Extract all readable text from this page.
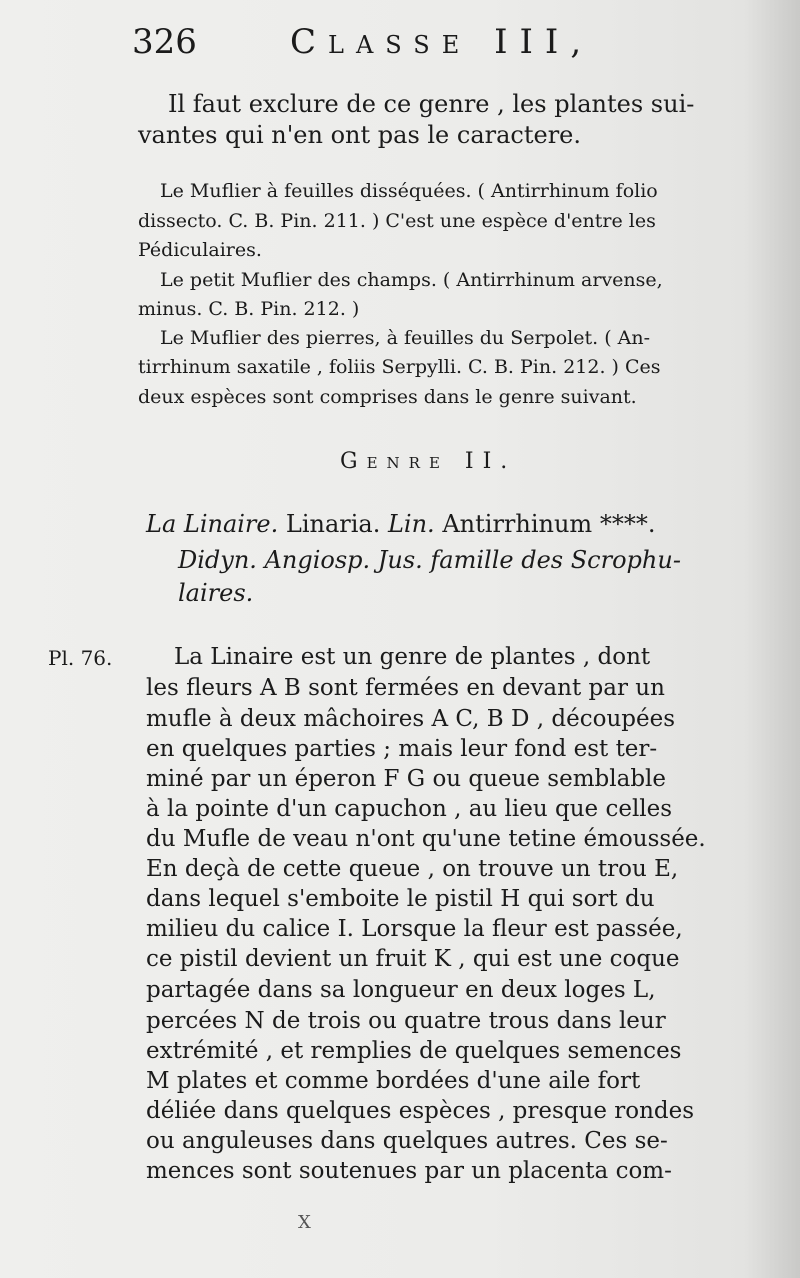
326	Classe III,
Il faut exclure de ce genre , les plantes sui-
vantes qui n'en ont pas le caractere.
Le Muflier à feuilles disséquées. ( Antirrhinum folio
dissecto. C. B. Pin. 211. ) C'est une espèce d'entre les
Pédiculaires.
Le petit Muflier des champs. ( Antirrhinum arvense,
minus. C. B. Pin. 212. )
Le Muflier des pierres, à feuilles du Serpolet. ( An-
tirrhinum saxatile , foliis Serpylli. C. B. Pin. 212. ) Ces
deux espèces sont comprises dans le genre suivant.
Genre II.
La Linaire. Linaria. Lin. Antirrhinum ****.
Didyn. Angiosp. Jus. famille des Scrophu-
laires.
Pl. 76.	La Linaire est un genre de plantes , dont
les fleurs A B sont fermées en devant par un
mufle à deux mâchoires A C, B D , découpées
en quelques parties ; mais leur fond est ter-
miné par un éperon F G ou queue semblable
à la pointe d'un capuchon , au lieu que celles
du Mufle de veau n'ont qu'une tetine émoussée.
En deçà de cette queue , on trouve un trou E,
dans lequel s'emboite le pistil H qui sort du
milieu du calice I. Lorsque la fleur est passée,
ce pistil devient un fruit K , qui est une coque
partagée dans sa longueur en deux loges L,
percées N de trois ou quatre trous dans leur
extrémité , et remplies de quelques semences
M plates et comme bordées d'une aile fort
déliée dans quelques espèces , presque rondes
ou anguleuses dans quelques autres. Ces se-
mences sont soutenues par un placenta com-
X
